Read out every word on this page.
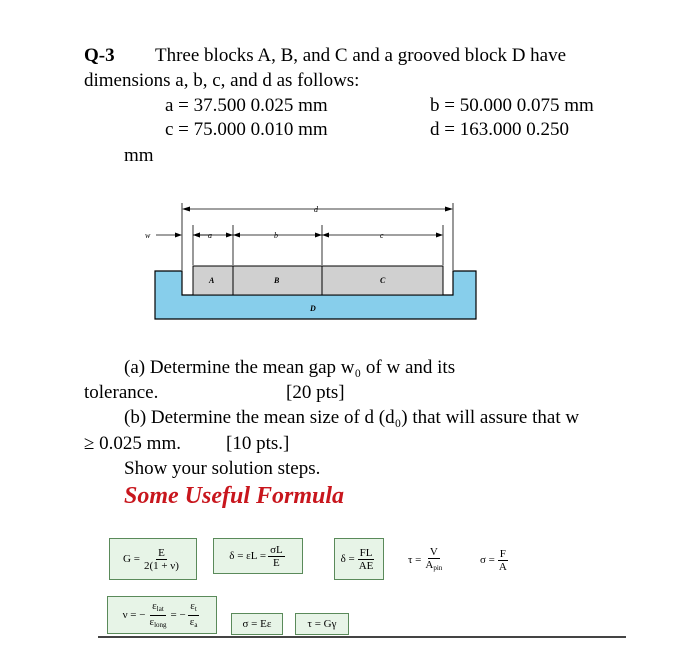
Q-3 Three blocks A, B, and C and a grooved block D have
dimensions a, b, c, and d as follows:
a = 37.500 0.025 mm	b = 50.000 0.075 mm
c = 75.000 0.010 mm	d = 163.000 0.250
mm
d
w	a	b	c
A	B	C
D
(a) Determine the mean gap w₀ of w and its
tolerance.	[20 pts]
(b) Determine the mean size of d (d₀) that will assure that w
≥ 0.025 mm. [10 pts.]
Show your solution steps.
Some Useful Formula
$G = \frac{E}{2(1 + \nu)}$	$\delta = \varepsilon L = \frac{\sigma L}{E}$	$\delta = \frac{FL}{AE}$	$\tau = \frac{V}{A_{pin}}$	$\sigma = \frac{F}{A}$
ν = − $\frac{\varepsilon_{lat}}{\varepsilon_{long}}$ = − $\frac{\varepsilon_t}{\varepsilon_a}$	σ = Eε	τ = Gγ
